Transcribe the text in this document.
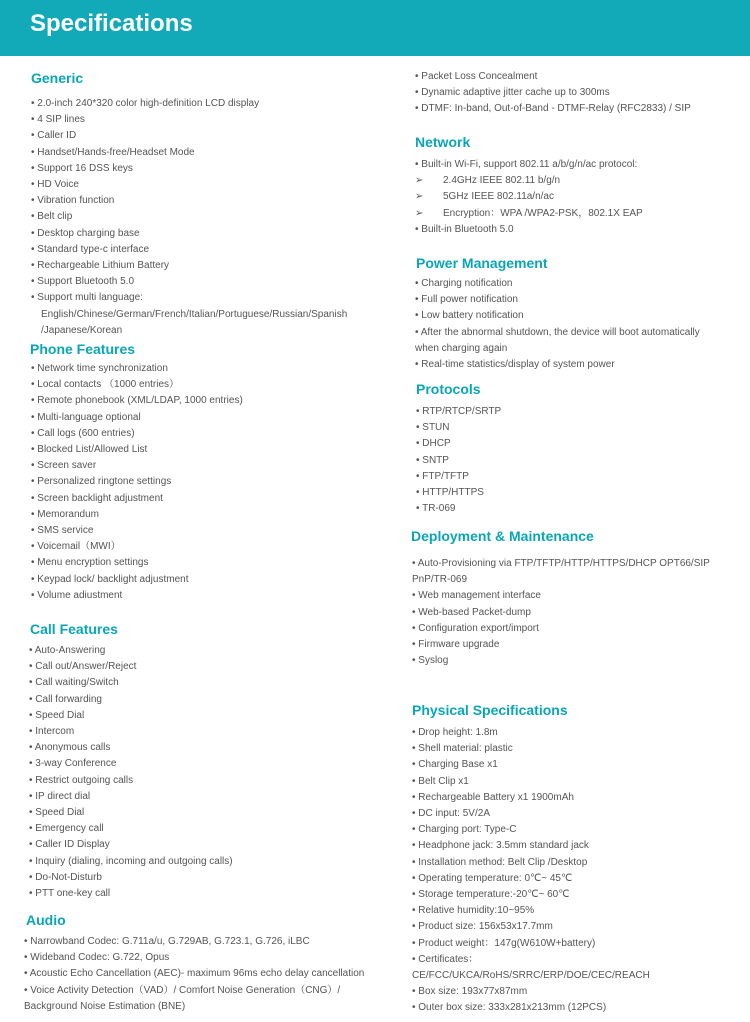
Specifications
Generic
• 2.0-inch 240*320 color high-definition LCD display
• 4 SIP lines
• Caller ID
• Handset/Hands-free/Headset Mode
• Support 16 DSS keys
• HD Voice
• Vibration function
• Belt clip
• Desktop charging base
• Standard type-c interface
• Rechargeable Lithium Battery
• Support Bluetooth 5.0
• Support multi language:
English/Chinese/German/French/Italian/Portuguese/Russian/Spanish
/Japanese/Korean
Phone Features
• Network time synchronization
• Local contacts （1000 entries）
• Remote phonebook (XML/LDAP, 1000 entries)
• Multi-language optional
• Call logs (600 entries)
• Blocked List/Allowed List
• Screen saver
• Personalized ringtone settings
• Screen backlight adjustment
• Memorandum
• SMS service
• Voicemail（MWI）
• Menu encryption settings
• Keypad lock/ backlight adjustment
• Volume adiustment
Call Features
• Auto-Answering
• Call out/Answer/Reject
• Call waiting/Switch
• Call forwarding
• Speed Dial
• Intercom
• Anonymous calls
• 3-way Conference
• Restrict outgoing calls
• IP direct dial
• Speed Dial
• Emergency call
• Caller ID Display
• Inquiry (dialing, incoming and outgoing calls)
• Do-Not-Disturb
• PTT one-key call
Audio
• Narrowband Codec: G.711a/u, G.729AB, G.723.1, G.726, iLBC
• Wideband Codec: G.722, Opus
• Acoustic Echo Cancellation (AEC)- maximum 96ms echo delay cancellation
• Voice Activity Detection（VAD）/ Comfort Noise Generation（CNG）/
Background Noise Estimation (BNE)
• Packet Loss Concealment
• Dynamic adaptive jitter cache up to 300ms
• DTMF: In-band, Out-of-Band - DTMF-Relay (RFC2833) / SIP
Network
• Built-in Wi-Fi, support 802.11 a/b/g/n/ac protocol:
➢ 2.4GHz IEEE 802.11 b/g/n
➢ 5GHz IEEE 802.11a/n/ac
➢ Encryption：WPA /WPA2-PSK，802.1X EAP
• Built-in Bluetooth 5.0
Power Management
• Charging notification
• Full power notification
• Low battery notification
• After the abnormal shutdown, the device will boot automatically
when charging again
• Real-time statistics/display of system power
Protocols
• RTP/RTCP/SRTP
• STUN
• DHCP
• SNTP
• FTP/TFTP
• HTTP/HTTPS
• TR-069
Deployment & Maintenance
• Auto-Provisioning via FTP/TFTP/HTTP/HTTPS/DHCP OPT66/SIP
PnP/TR-069
• Web management interface
• Web-based Packet-dump
• Configuration export/import
• Firmware upgrade
• Syslog
Physical Specifications
• Drop height: 1.8m
• Shell material: plastic
• Charging Base x1
• Belt Clip x1
• Rechargeable Battery x1 1900mAh
• DC input: 5V/2A
• Charging port: Type-C
• Headphone jack: 3.5mm standard jack
• Installation method: Belt Clip /Desktop
• Operating temperature: 0℃~ 45℃
• Storage temperature:-20℃~ 60℃
• Relative humidity:10~95%
• Product size: 156x53x17.7mm
• Product weight：147g(W610W+battery)
• Certificates：
CE/FCC/UKCA/RoHS/SRRC/ERP/DOE/CEC/REACH
• Box size: 193x77x87mm
• Outer box size: 333x281x213mm (12PCS)
